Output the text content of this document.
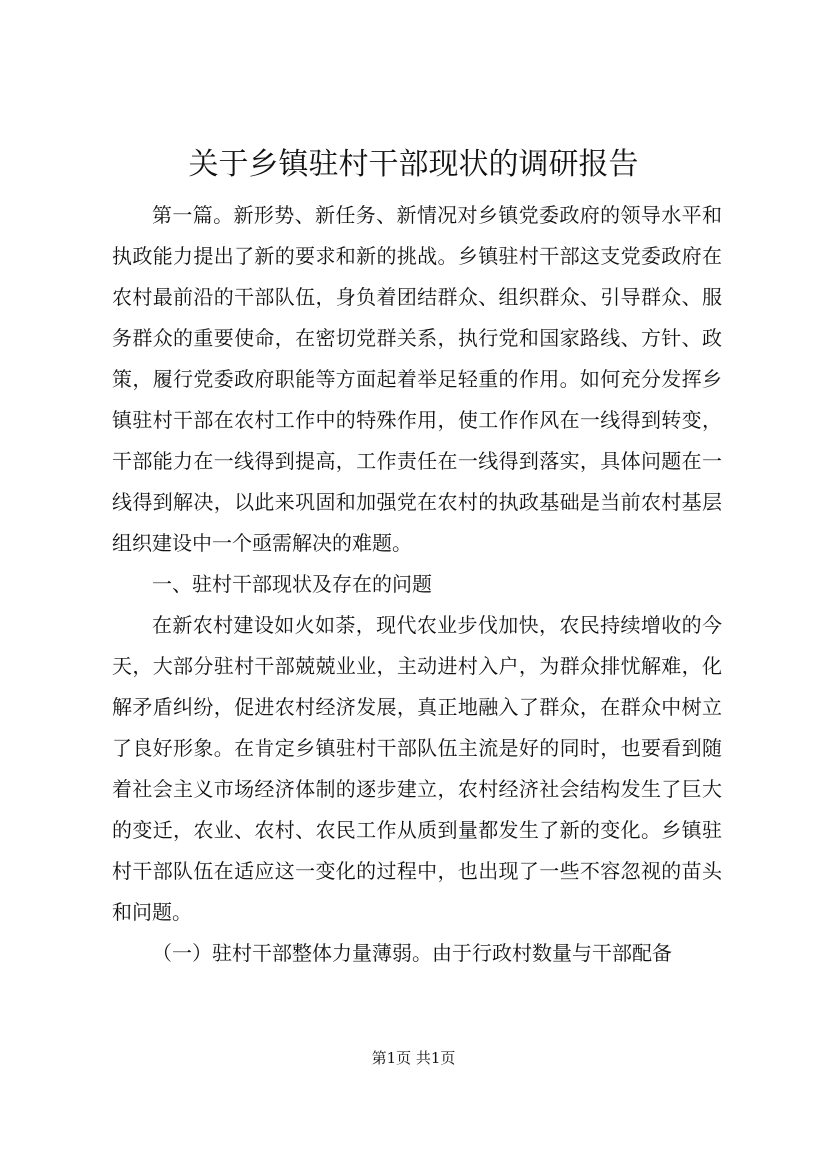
关于乡镇驻村干部现状的调研报告

第一篇。新形势、新任务、新情况对乡镇党委政府的领导水平和执政能力提出了新的要求和新的挑战。乡镇驻村干部这支党委政府在农村最前沿的干部队伍，身负着团结群众、组织群众、引导群众、服务群众的重要使命，在密切党群关系，执行党和国家路线、方针、政策，履行党委政府职能等方面起着举足轻重的作用。如何充分发挥乡镇驻村干部在农村工作中的特殊作用，使工作作风在一线得到转变，干部能力在一线得到提高，工作责任在一线得到落实，具体问题在一线得到解决，以此来巩固和加强党在农村的执政基础是当前农村基层组织建设中一个亟需解决的难题。

一、驻村干部现状及存在的问题

在新农村建设如火如荼，现代农业步伐加快，农民持续增收的今天，大部分驻村干部兢兢业业，主动进村入户，为群众排忧解难，化解矛盾纠纷，促进农村经济发展，真正地融入了群众，在群众中树立了良好形象。在肯定乡镇驻村干部队伍主流是好的同时，也要看到随着社会主义市场经济体制的逐步建立，农村经济社会结构发生了巨大的变迁，农业、农村、农民工作从质到量都发生了新的变化。乡镇驻村干部队伍在适应这一变化的过程中，也出现了一些不容忽视的苗头和问题。

（一）驻村干部整体力量薄弱。由于行政村数量与干部配备

第1页 共1页
